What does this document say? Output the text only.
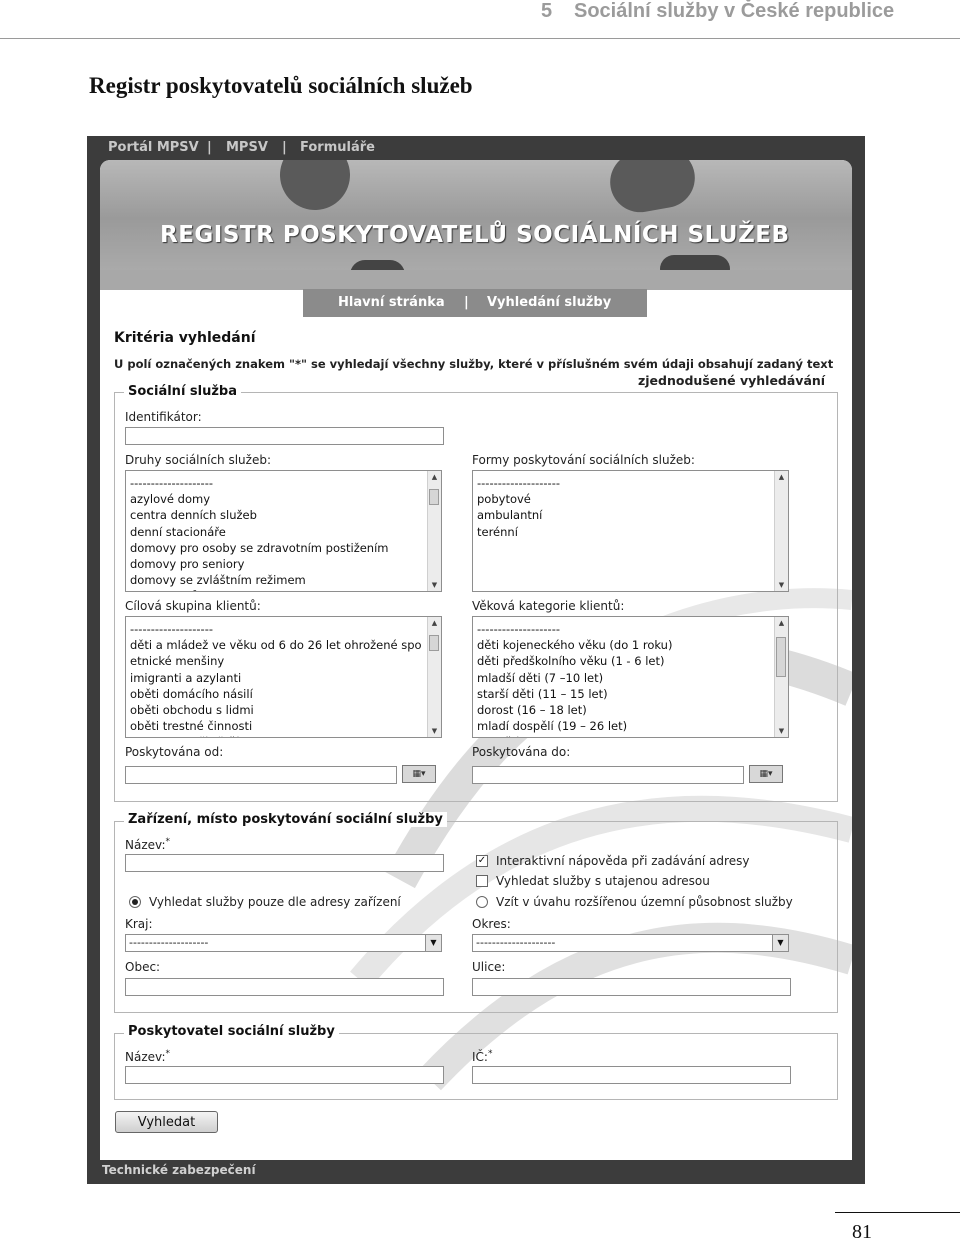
5 Sociální služby v České republice
Registr poskytovatelů sociálních služeb
Portál MPSV | MPSV | Formuláře
REGISTR POSKYTOVATELŮ SOCIÁLNÍCH SLUŽEB
Hlavní stránka | Vyhledání služby
Kritéria vyhledání
U polí označených znakem "*" se vyhledají všechny služby, které v příslušném svém údaji obsahují zadaný text
zjednodušené vyhledávání
Sociální služba
Identifikátor:
Druhy sociálních služeb:
--------------------
azylové domy
centra denních služeb
denní stacionáře
domovy pro osoby se zdravotním postižením
domovy pro seniory
domovy se zvláštním režimem
▲
▼
Formy poskytování sociálních služeb:
--------------------
pobytové
ambulantní
terénní
▲
▼
Cílová skupina klientů:
--------------------
děti a mládež ve věku od 6 do 26 let ohrožené spo
etnické menšiny
imigranti a azylanti
oběti domácího násilí
oběti obchodu s lidmi
oběti trestné činnosti
▲
▼
Věková kategorie klientů:
--------------------
děti kojeneckého věku (do 1 roku)
děti předškolního věku (1 - 6 let)
mladší děti (7 –10 let)
starší děti (11 – 15 let)
dorost (16 – 18 let)
mladí dospělí (19 – 26 let)
▲
▼
Poskytována od:
▦▾
Poskytována do:
▦▾
Zařízení, místo poskytování sociální služby
Název:*
✓ Interaktivní nápověda při zadávání adresy
Vyhledat služby s utajenou adresou
Vyhledat služby pouze dle adresy zařízení	Vzít v úvahu rozšířenou územní působnost služby
Kraj:
--------------------	▼
Okres:
--------------------	▼
Obec:	Ulice:
Poskytovatel sociální služby
Název:*	IČ:*
Vyhledat
Technické zabezpečení
81
